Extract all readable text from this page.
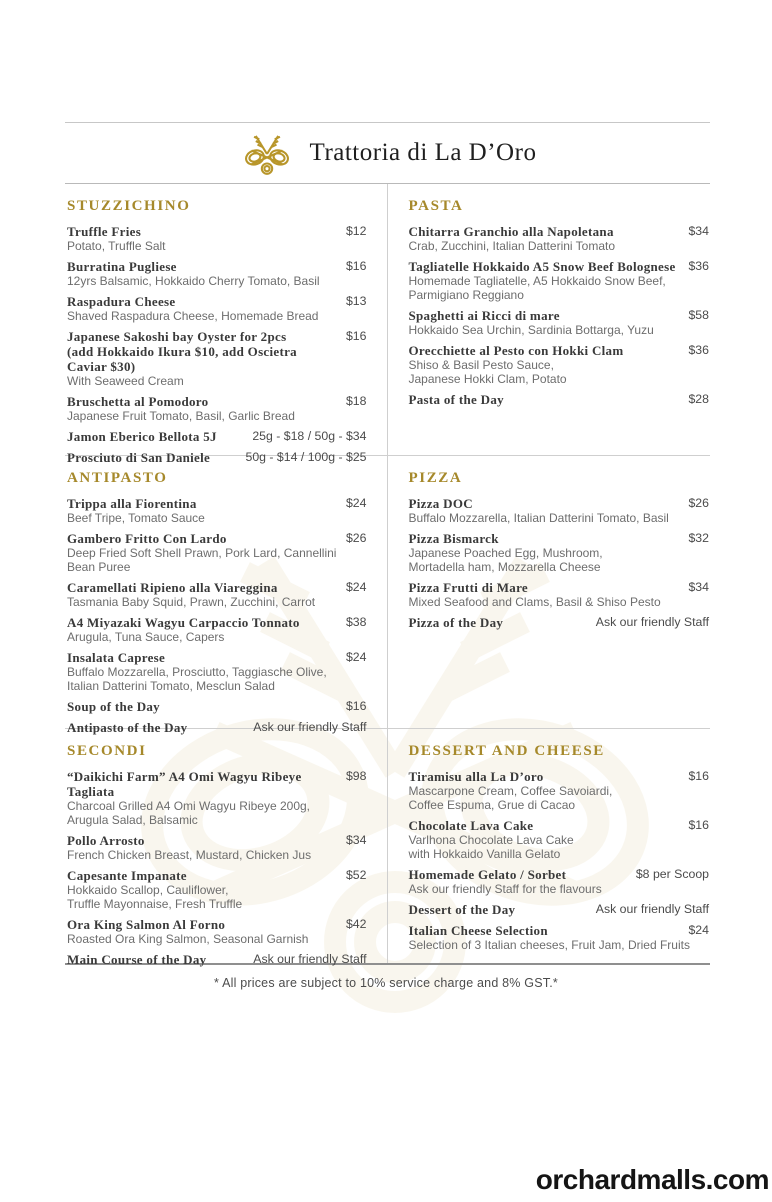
Trattoria di La D’Oro
STUZZICHINO
Truffle Fries	$12
Potato, Truffle Salt
Burratina Pugliese	$16
12yrs Balsamic, Hokkaido Cherry Tomato, Basil
Raspadura Cheese	$13
Shaved Raspadura Cheese, Homemade Bread
Japanese Sakoshi bay Oyster for 2pcs
(add Hokkaido Ikura $10, add Oscietra Caviar $30)
$16
With Seaweed Cream
Bruschetta al Pomodoro	$18
Japanese Fruit Tomato, Basil, Garlic Bread
Jamon Eberico Bellota 5J	25g - $18 / 50g - $34
Prosciuto di San Daniele	50g - $14 / 100g - $25
PASTA
Chitarra Granchio alla Napoletana	$34
Crab, Zucchini, Italian Datterini Tomato
Tagliatelle Hokkaido A5 Snow Beef Bolognese	$36
Homemade Tagliatelle, A5 Hokkaido Snow Beef,
Parmigiano Reggiano
Spaghetti ai Ricci di mare	$58
Hokkaido Sea Urchin, Sardinia Bottarga, Yuzu
Orecchiette al Pesto con Hokki Clam	$36
Shiso & Basil Pesto Sauce,
Japanese Hokki Clam, Potato
Pasta of the Day	$28
ANTIPASTO
Trippa alla Fiorentina	$24
Beef Tripe, Tomato Sauce
Gambero Fritto Con Lardo	$26
Deep Fried Soft Shell Prawn, Pork Lard, Cannellini Bean Puree
Caramellati Ripieno alla Viareggina	$24
Tasmania Baby Squid, Prawn, Zucchini, Carrot
A4 Miyazaki Wagyu Carpaccio Tonnato	$38
Arugula, Tuna Sauce, Capers
Insalata Caprese	$24
Buffalo Mozzarella, Prosciutto, Taggiasche Olive,
Italian Datterini Tomato, Mesclun Salad
Soup of the Day	$16
Antipasto of the Day	Ask our friendly Staff
PIZZA
Pizza DOC	$26
Buffalo Mozzarella, Italian Datterini Tomato, Basil
Pizza Bismarck	$32
Japanese Poached Egg, Mushroom,
Mortadella ham, Mozzarella Cheese
Pizza Frutti di Mare	$34
Mixed Seafood and Clams, Basil & Shiso Pesto
Pizza of the Day	Ask our friendly Staff
SECONDI
“Daikichi Farm” A4 Omi Wagyu Ribeye Tagliata
$98
Charcoal Grilled A4 Omi Wagyu Ribeye 200g,
Arugula Salad, Balsamic
Pollo Arrosto	$34
French Chicken Breast, Mustard, Chicken Jus
Capesante Impanate	$52
Hokkaido Scallop, Cauliflower,
Truffle Mayonnaise, Fresh Truffle
Ora King Salmon Al Forno	$42
Roasted Ora King Salmon, Seasonal Garnish
Main Course of the Day	Ask our friendly Staff
DESSERT AND CHEESE
Tiramisu alla La D’oro	$16
Mascarpone Cream, Coffee Savoiardi,
Coffee Espuma, Grue di Cacao
Chocolate Lava Cake	$16
Varlhona Chocolate Lava Cake
with Hokkaido Vanilla Gelato
Homemade Gelato / Sorbet	$8 per Scoop
Ask our friendly Staff for the flavours
Dessert of the Day	Ask our friendly Staff
Italian Cheese Selection	$24
Selection of 3 Italian cheeses, Fruit Jam, Dried Fruits
* All prices are subject to 10% service charge and 8% GST.*
orchardmalls.com
